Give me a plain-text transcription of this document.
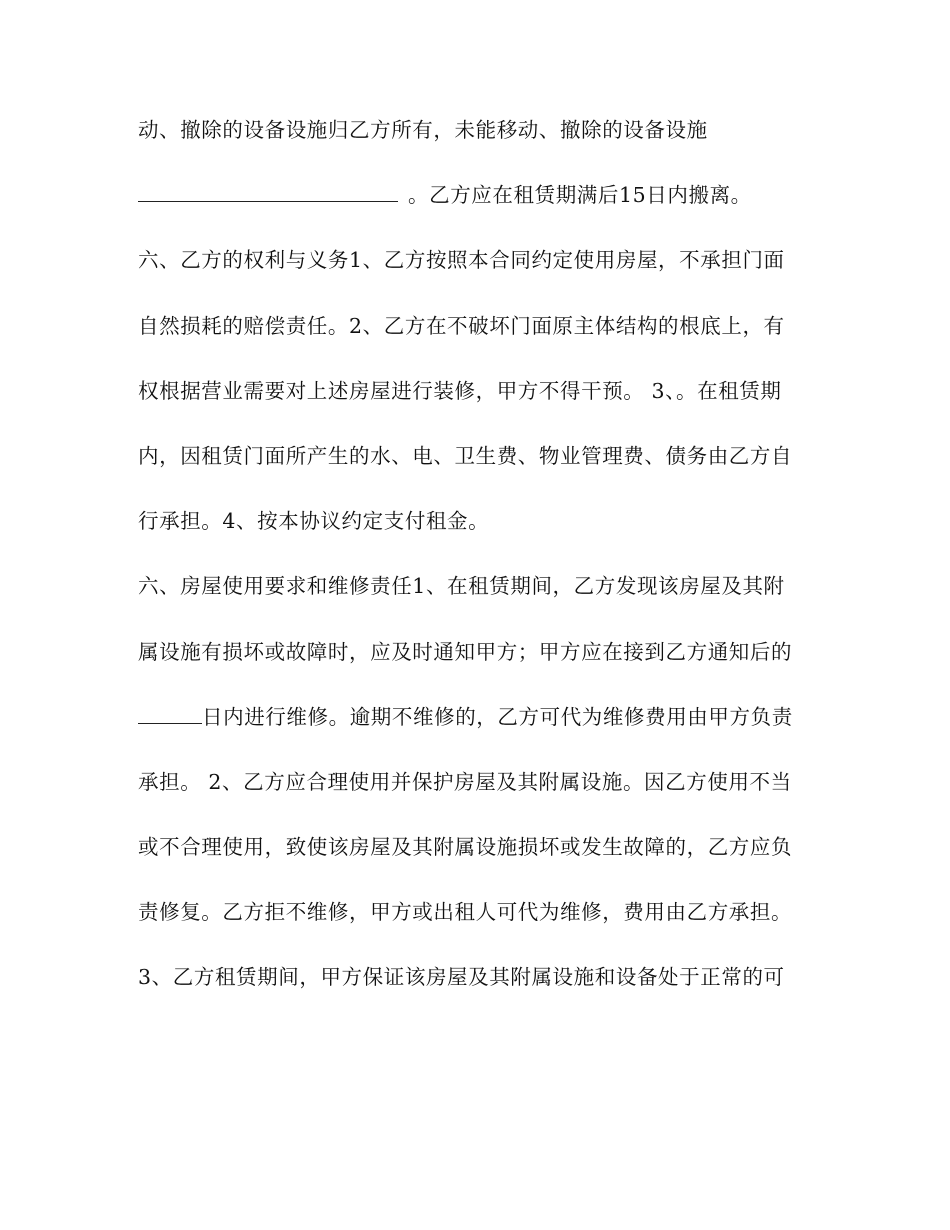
动、撤除的设备设施归乙方所有，未能移动、撤除的设备设施
。乙方应在租赁期满后15日内搬离。
六、乙方的权利与义务1、乙方按照本合同约定使用房屋，不承担门面
自然损耗的赔偿责任。2、乙方在不破坏门面原主体结构的根底上，有
权根据营业需要对上述房屋进行装修，甲方不得干预。 3、。在租赁期
内，因租赁门面所产生的水、电、卫生费、物业管理费、债务由乙方自
行承担。4、按本协议约定支付租金。
六、房屋使用要求和维修责任1、在租赁期间，乙方发现该房屋及其附
属设施有损坏或故障时，应及时通知甲方；甲方应在接到乙方通知后的
日内进行维修。逾期不维修的，乙方可代为维修费用由甲方负责
承担。 2、乙方应合理使用并保护房屋及其附属设施。因乙方使用不当
或不合理使用，致使该房屋及其附属设施损坏或发生故障的，乙方应负
责修复。乙方拒不维修，甲方或出租人可代为维修，费用由乙方承担。
3、乙方租赁期间，甲方保证该房屋及其附属设施和设备处于正常的可
